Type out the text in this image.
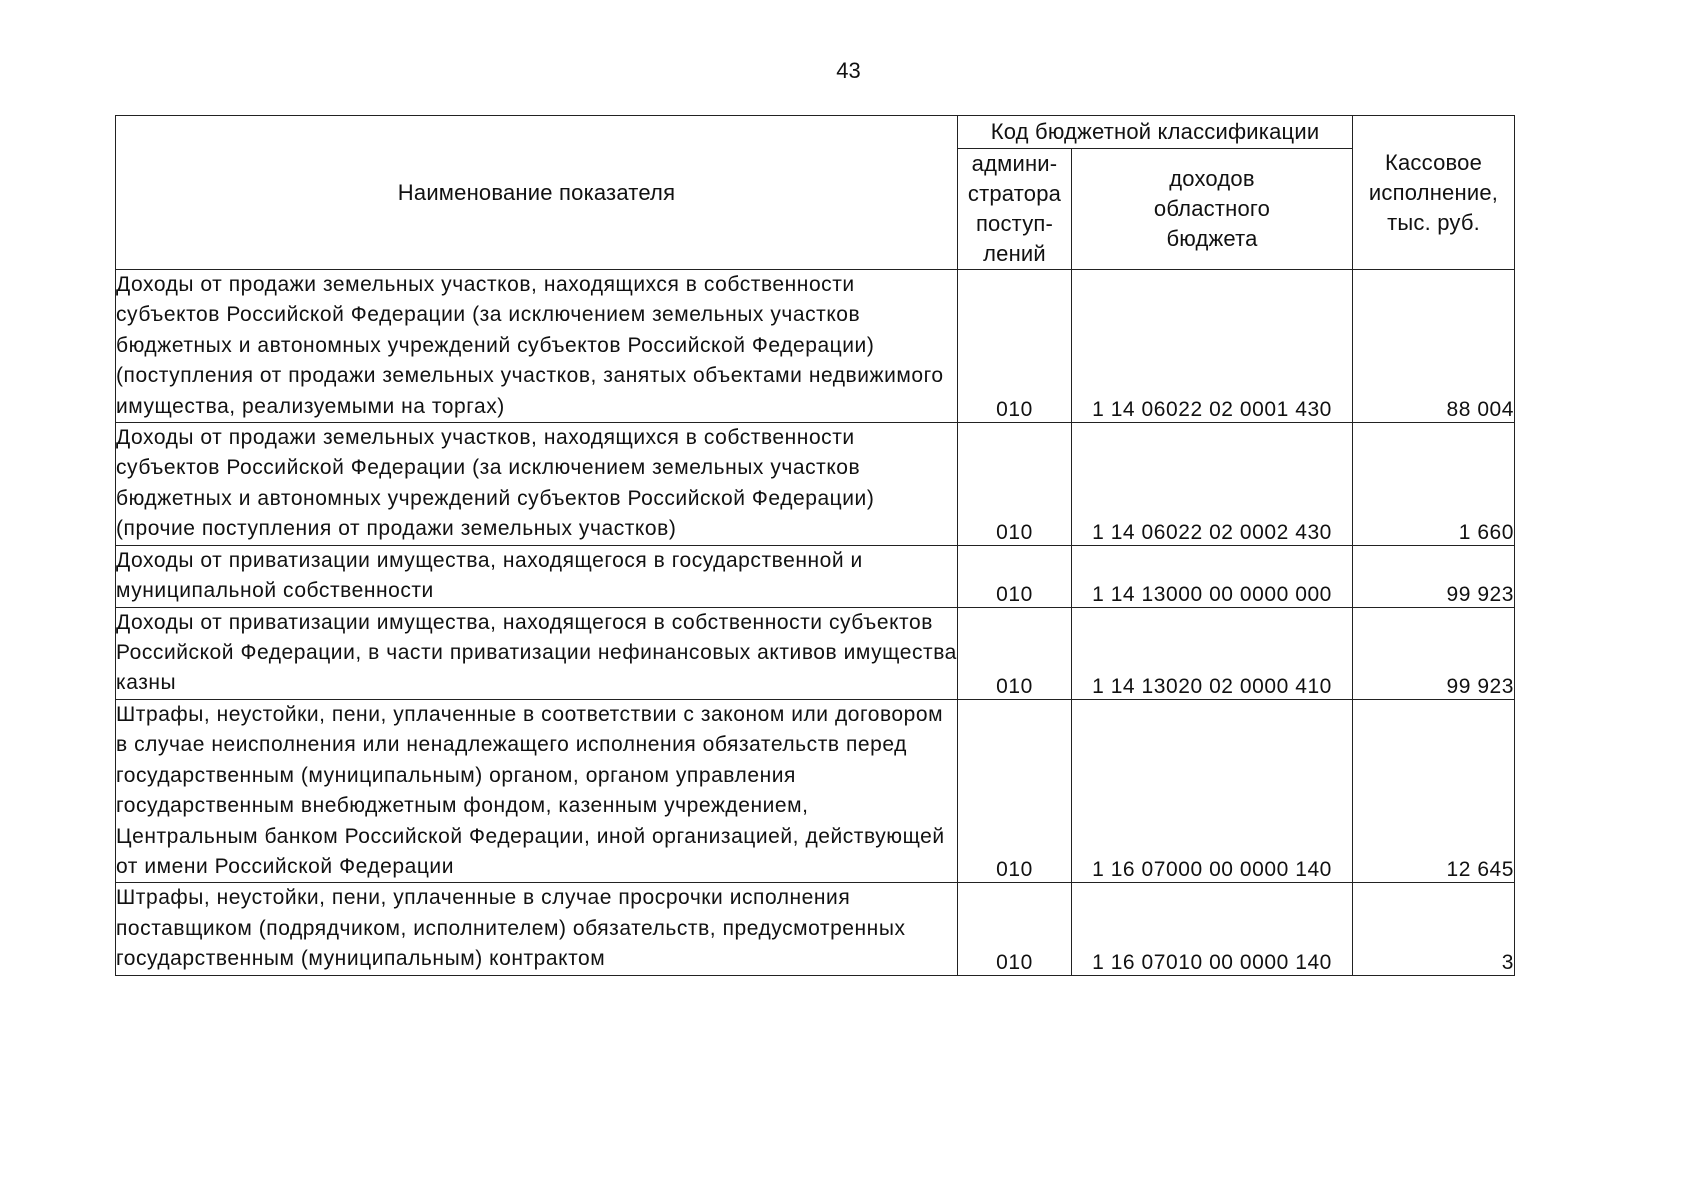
43
Наименование показателя	Код бюджетной классификации		Кассовое
исполнение,
тыс. руб.
	админи-
стратора
поступ-
лений	доходов
областного
бюджета	
Доходы от продажи земельных участков, находящихся в собственности субъектов Российской Федерации (за исключением земельных участков бюджетных и автономных учреждений субъектов Российской Федерации) (поступления от продажи земельных участков, занятых объектами недвижимого имущества, реализуемыми на торгах)	010	1 14 06022 02 0001 430	88 004
Доходы от продажи земельных участков, находящихся в собственности субъектов Российской Федерации (за исключением земельных участков бюджетных и автономных учреждений субъектов Российской Федерации) (прочие поступления от продажи земельных участков)	010	1 14 06022 02 0002 430	1 660
Доходы от приватизации имущества, находящегося в государственной и муниципальной собственности	010	1 14 13000 00 0000 000	99 923
Доходы от приватизации имущества, находящегося в собственности субъектов Российской Федерации, в части приватизации нефинансовых активов имущества казны	010	1 14 13020 02 0000 410	99 923
Штрафы, неустойки, пени, уплаченные в соответствии с законом или договором в случае неисполнения или ненадлежащего исполнения обязательств перед государственным (муниципальным) органом, органом управления государственным внебюджетным фондом, казенным учреждением, Центральным банком Российской Федерации, иной организацией, действующей от имени Российской Федерации	010	1 16 07000 00 0000 140	12 645
Штрафы, неустойки, пени, уплаченные в случае просрочки исполнения поставщиком (подрядчиком, исполнителем) обязательств, предусмотренных государственным (муниципальным) контрактом	010	1 16 07010 00 0000 140	3
